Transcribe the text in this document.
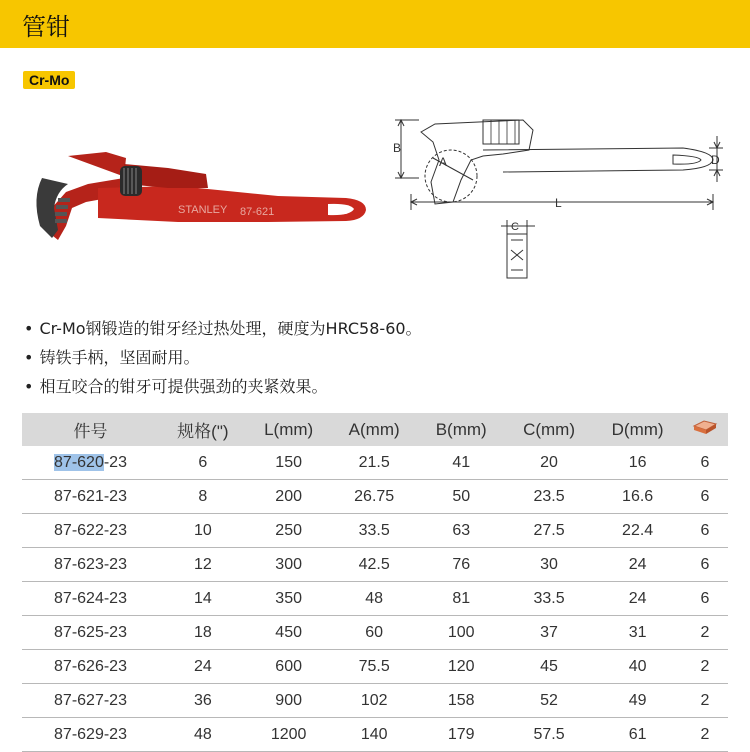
管钳
Cr-Mo
STANLEY 87-621
B
A	D
L
C
• Cr-Mo钢锻造的钳牙经过热处理，硬度为HRC58-60。
• 铸铁手柄，坚固耐用。
• 相互咬合的钳牙可提供强劲的夹紧效果。
件号	规格(")	L(mm)	A(mm)	B(mm)	C(mm)	D(mm)	
87-620-23	6	150	21.5	41	20	16	6
87-621-23	8	200	26.75	50	23.5	16.6	6
87-622-23	10	250	33.5	63	27.5	22.4	6
87-623-23	12	300	42.5	76	30	24	6
87-624-23	14	350	48	81	33.5	24	6
87-625-23	18	450	60	100	37	31	2
87-626-23	24	600	75.5	120	45	40	2
87-627-23	36	900	102	158	52	49	2
87-629-23	48	1200	140	179	57.5	61	2
